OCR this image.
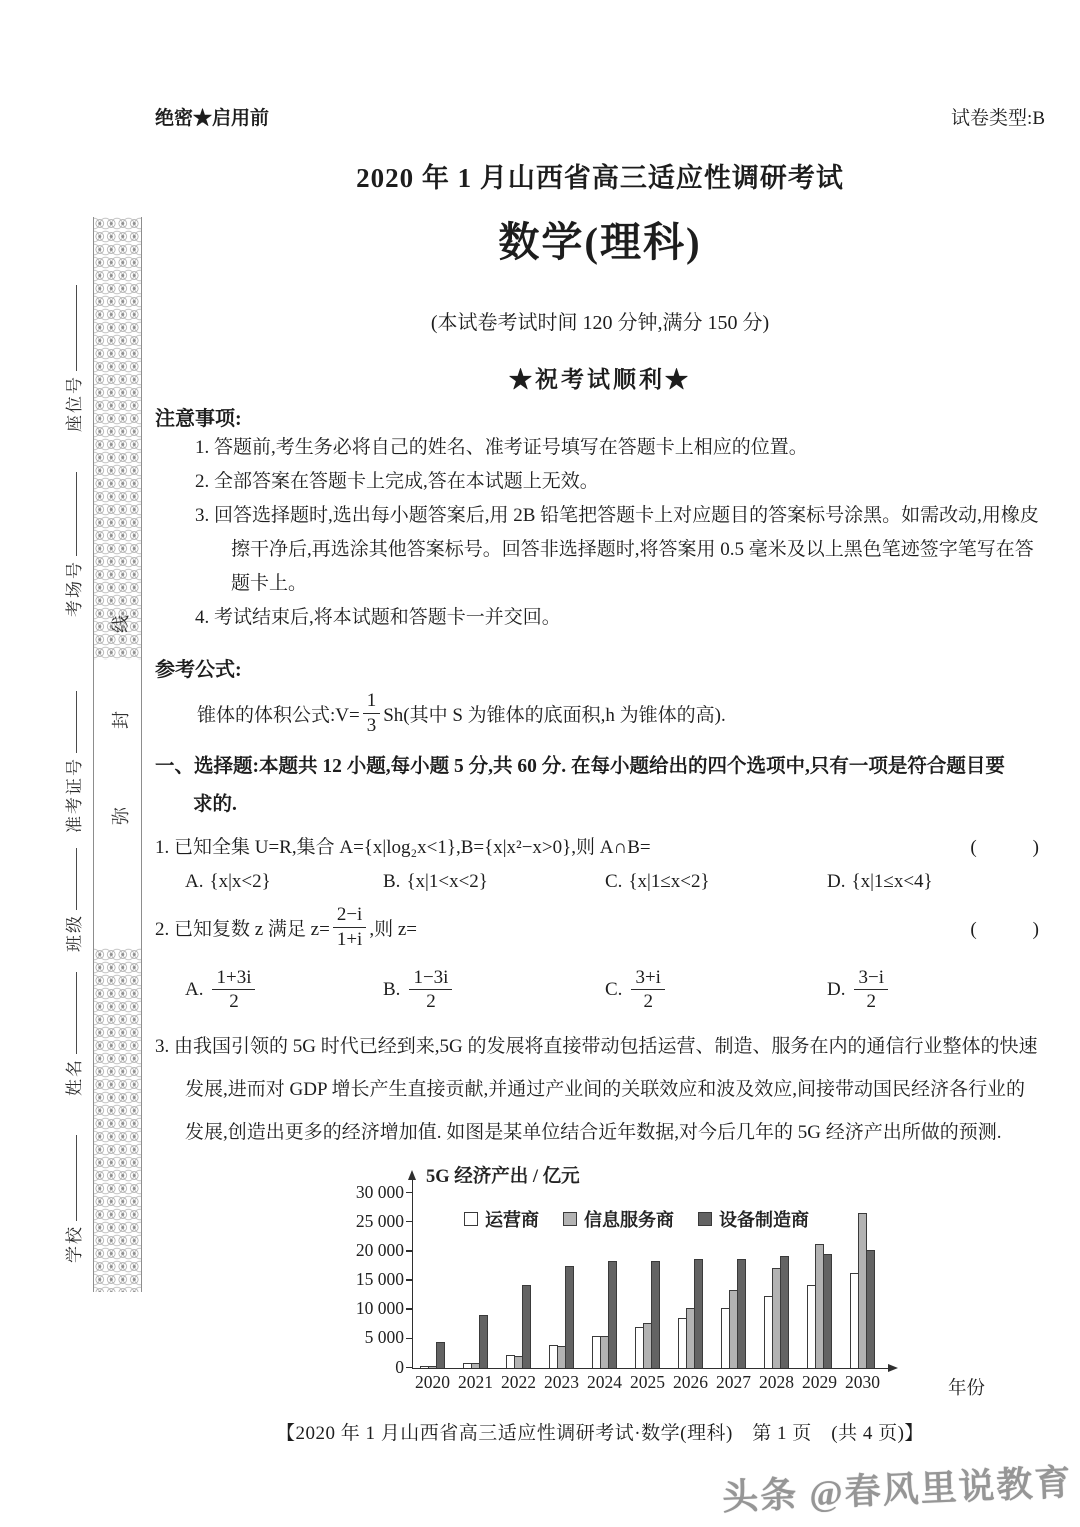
座位号
考场号
准考证号
班级
姓名
学校
弥　封　线
绝密★启用前	试卷类型:B
2020 年 1 月山西省高三适应性调研考试
数学(理科)
(本试卷考试时间 120 分钟,满分 150 分)
★祝考试顺利★
注意事项:
1. 答题前,考生务必将自己的姓名、准考证号填写在答题卡上相应的位置。
2. 全部答案在答题卡上完成,答在本试题上无效。
3. 回答选择题时,选出每小题答案后,用 2B 铅笔把答题卡上对应题目的答案标号涂黑。如需改动,用橡皮擦干净后,再选涂其他答案标号。回答非选择题时,将答案用 0.5 毫米及以上黑色笔迹签字笔写在答题卡上。
4. 考试结束后,将本试题和答题卡一并交回。
参考公式:
锥体的体积公式:V= $\frac{1}{3} Sh$(其中 S 为锥体的底面积,h 为锥体的高).
一、选择题:本题共 12 小题,每小题 5 分,共 60 分. 在每小题给出的四个选项中,只有一项是符合题目要
求的.
1. 已知全集 U=R,集合 A={x|log₂x<1},B={x|x²−x>0},则 A∩B=	(　　)
A. {x|x<2}	B. {x|1<x<2}	C. {x|1≤x<2}	D. {x|1≤x<4}
2. 已知复数 z 满足 $z= \frac{2-i}{1+i}$ ,则 z=	(　　)
A. $\frac{1+3i}{2}$	B. $\frac{1-3i}{2}$	C. $\frac{3+i}{2}$	D. $\frac{3-i}{2}$
3. 由我国引领的 5G 时代已经到来,5G 的发展将直接带动包括运营、制造、服务在内的通信行业整体的快速
发展,进而对 GDP 增长产生直接贡献,并通过产业间的关联效应和波及效应,间接带动国民经济各行业的
发展,创造出更多的经济增加值. 如图是某单位结合近年数据,对今后几年的 5G 经济产出所做的预测.
5G 经济产出 / 亿元
年份
运营商	信息服务商	设备制造商
0
5 000
10 000
15 000
20 000
25 000
30 000
2020 2021 2022 2023 2024 2025 2026 2027 2028 2029 2030
【2020 年 1 月山西省高三适应性调研考试·数学(理科)　第 1 页　(共 4 页)】
头条 @春风里说教育
